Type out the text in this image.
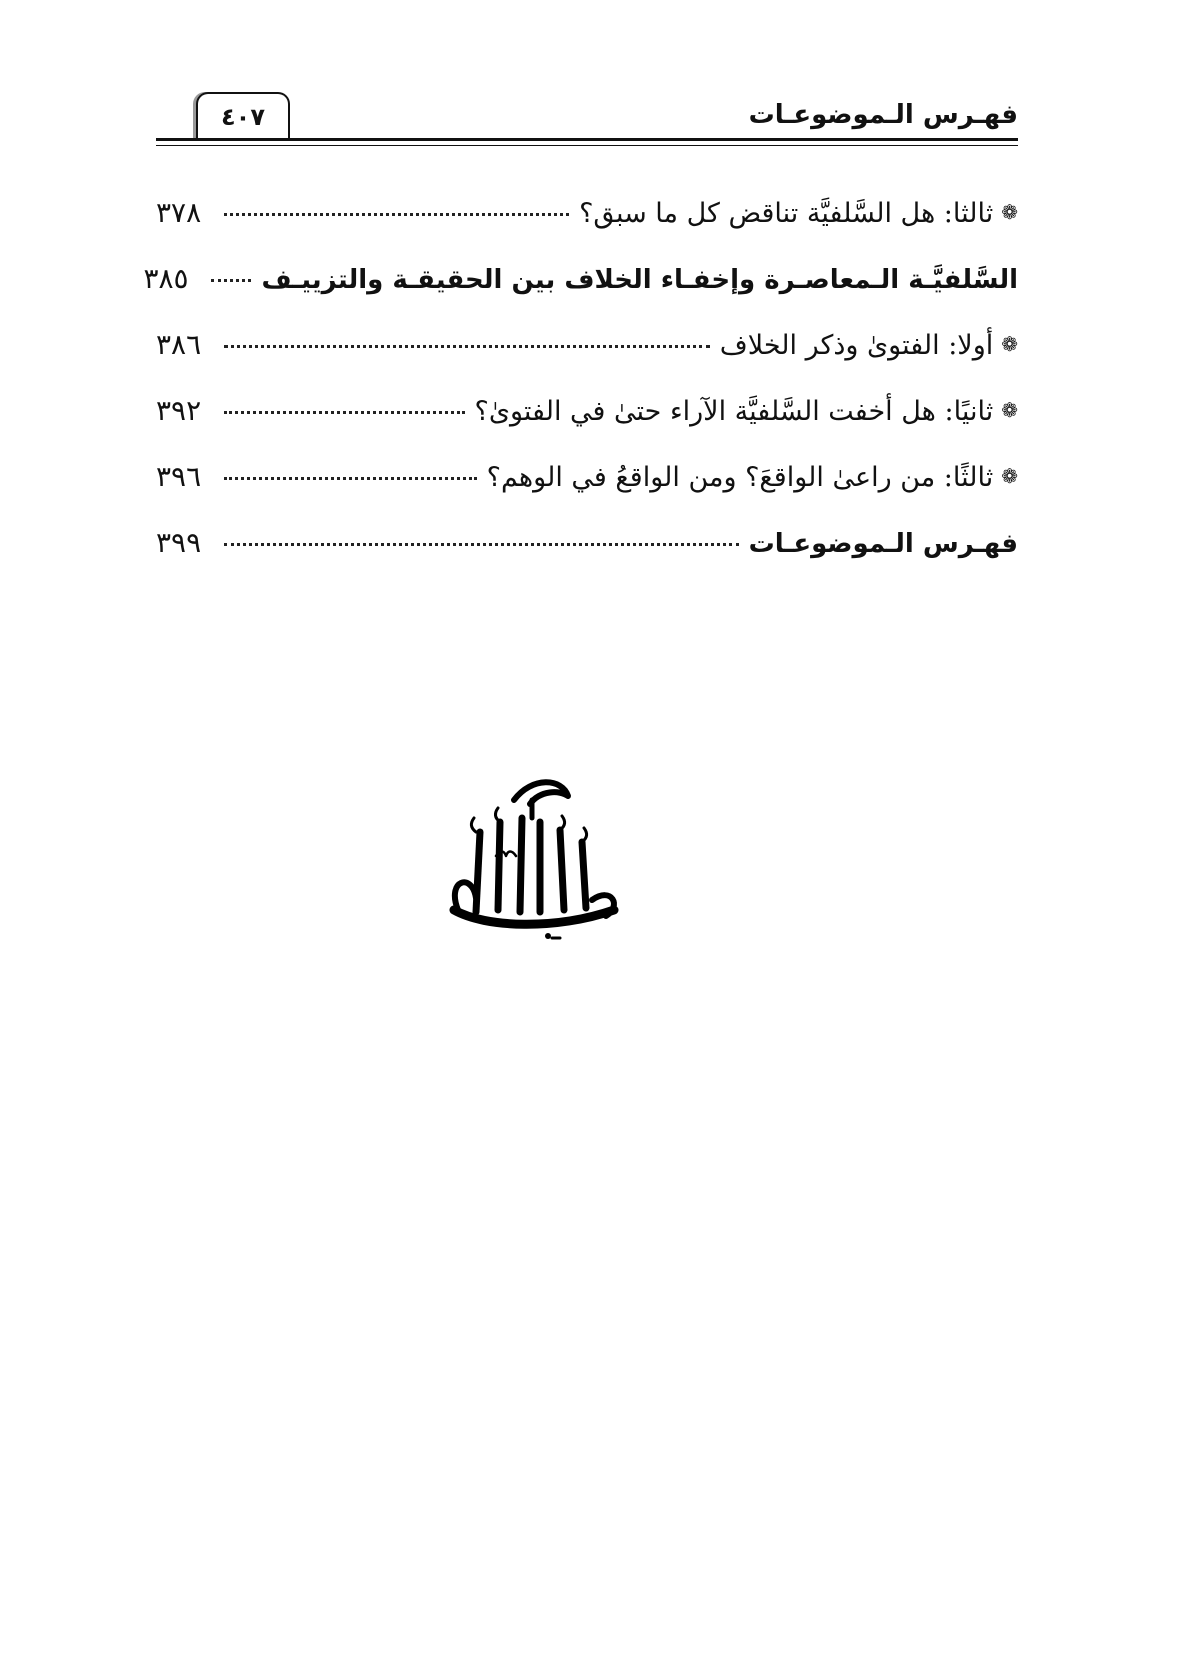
٤٠٧	فهـرس الـموضوعـات
❁ثالثا: هل السَّلفيَّة تناقض كل ما سبق؟
٣٧٨
السَّلفيَّـة الـمعاصـرة وإخفـاء الخلاف بين الحقيقـة والتزييـف
٣٨٥
❁أولا: الفتوىٰ وذكر الخلاف
٣٨٦
❁ثانيًا: هل أخفت السَّلفيَّة الآراء حتىٰ في الفتوىٰ؟
٣٩٢
❁ثالثًا: من راعىٰ الواقعَ؟ ومن الواقعُ في الوهم؟
٣٩٦
فهـرس الـموضوعـات
٣٩٩
